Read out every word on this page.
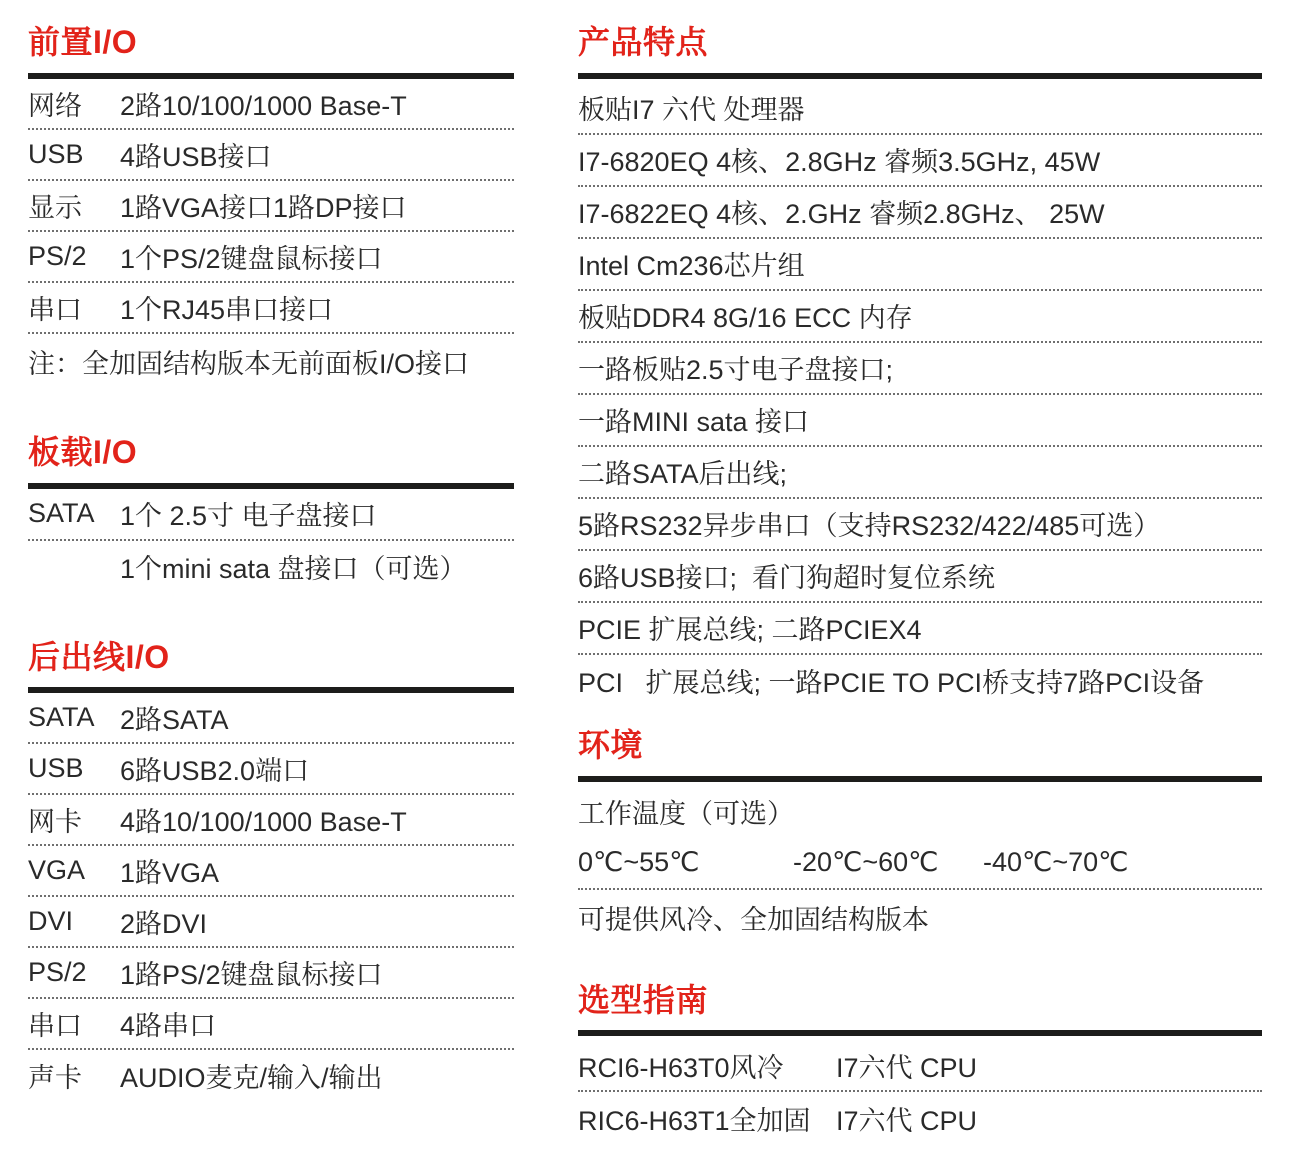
前置I/O
网络	2路10/100/1000 Base-T
USB	4路USB接口
显示	1路VGA接口1路DP接口
PS/2	1个PS/2键盘鼠标接口
串口	1个RJ45串口接口
注：全加固结构版本无前面板I/O接口
板载I/O
SATA 1个 2.5寸 电子盘接口
1个mini sata 盘接口（可选）
后出线I/O
SATA 2路SATA
USB	6路USB2.0端口
网卡	4路10/100/1000 Base-T
VGA	1路VGA
DVI	2路DVI
PS/2	1路PS/2键盘鼠标接口
串口	4路串口
声卡	AUDIO麦克/输入/输出
产品特点
板贴I7 六代 处理器
I7-6820EQ 4核、2.8GHz 睿频3.5GHz, 45W
I7-6822EQ 4核、2.GHz 睿频2.8GHz、 25W
Intel Cm236芯片组
板贴DDR4 8G/16 ECC 内存
一路板贴2.5寸电子盘接口;
一路MINI sata 接口
二路SATA后出线;
5路RS232异步串口（支持RS232/422/485可选）
6路USB接口;  看门狗超时复位系统
PCIE 扩展总线; 二路PCIEX4
PCI   扩展总线; 一路PCIE TO PCI桥支持7路PCI设备
环境
工作温度（可选）
0℃~55℃	-20℃~60℃	-40℃~70℃
可提供风冷、全加固结构版本
选型指南
RCI6-H63T0风冷	I7六代 CPU
RIC6-H63T1全加固 I7六代 CPU
